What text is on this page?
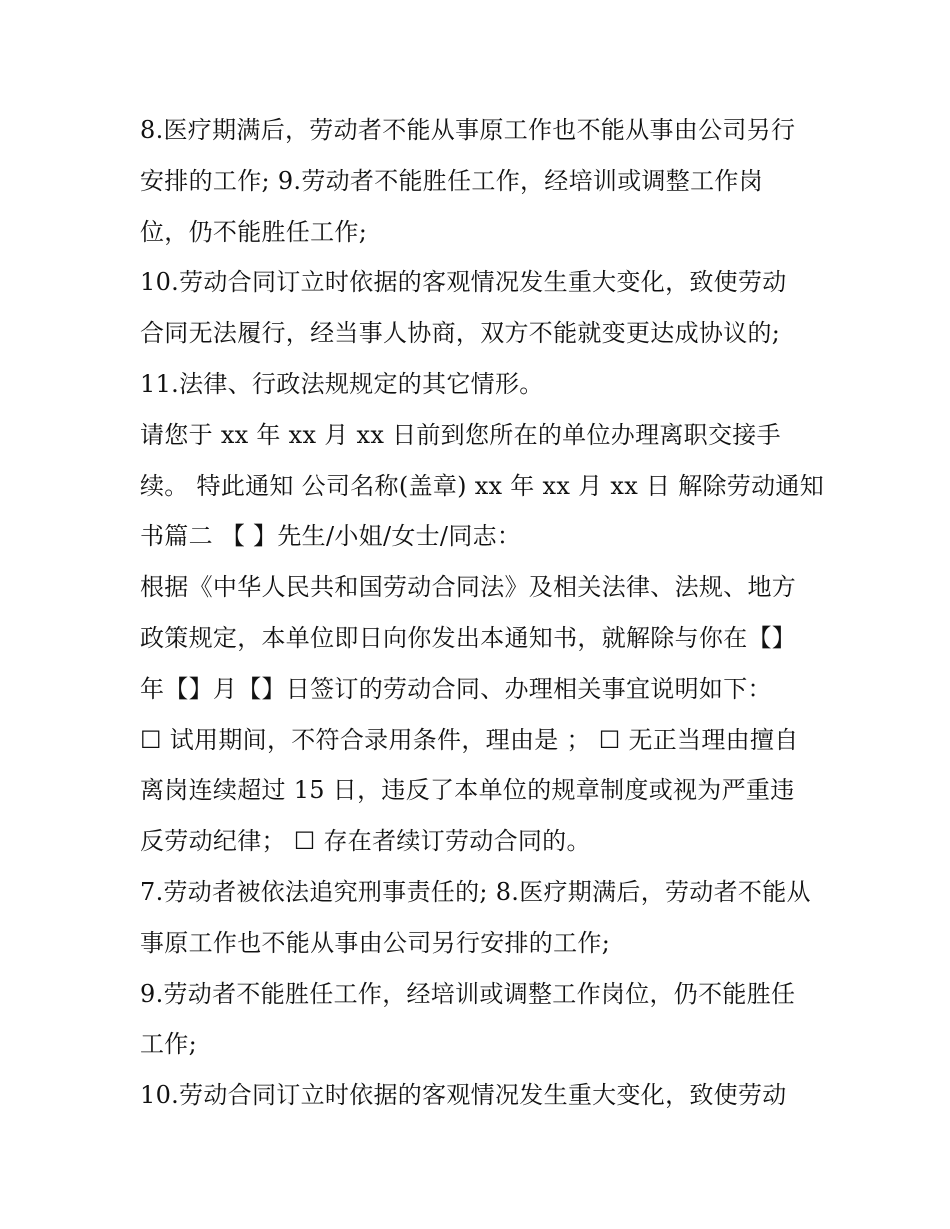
8.医疗期满后，劳动者不能从事原工作也不能从事由公司另行
安排的工作; 9.劳动者不能胜任工作，经培训或调整工作岗
位，仍不能胜任工作;
10.劳动合同订立时依据的客观情况发生重大变化，致使劳动
合同无法履行，经当事人协商，双方不能就变更达成协议的;
11.法律、行政法规规定的其它情形。
请您于 xx 年 xx 月 xx 日前到您所在的单位办理离职交接手
续。 特此通知 公司名称(盖章) xx 年 xx 月 xx 日 解除劳动通知
书篇二 【 】先生/小姐/女士/同志：
根据《中华人民共和国劳动合同法》及相关法律、法规、地方
政策规定，本单位即日向你发出本通知书，就解除与你在【】
年【】月【】日签订的劳动合同、办理相关事宜说明如下：
☐ 试用期间，不符合录用条件，理由是 ； ☐ 无正当理由擅自
离岗连续超过 15 日，违反了本单位的规章制度或视为严重违
反劳动纪律； ☐ 存在者续订劳动合同的。
7.劳动者被依法追究刑事责任的; 8.医疗期满后，劳动者不能从
事原工作也不能从事由公司另行安排的工作;
9.劳动者不能胜任工作，经培训或调整工作岗位，仍不能胜任
工作;
10.劳动合同订立时依据的客观情况发生重大变化，致使劳动
